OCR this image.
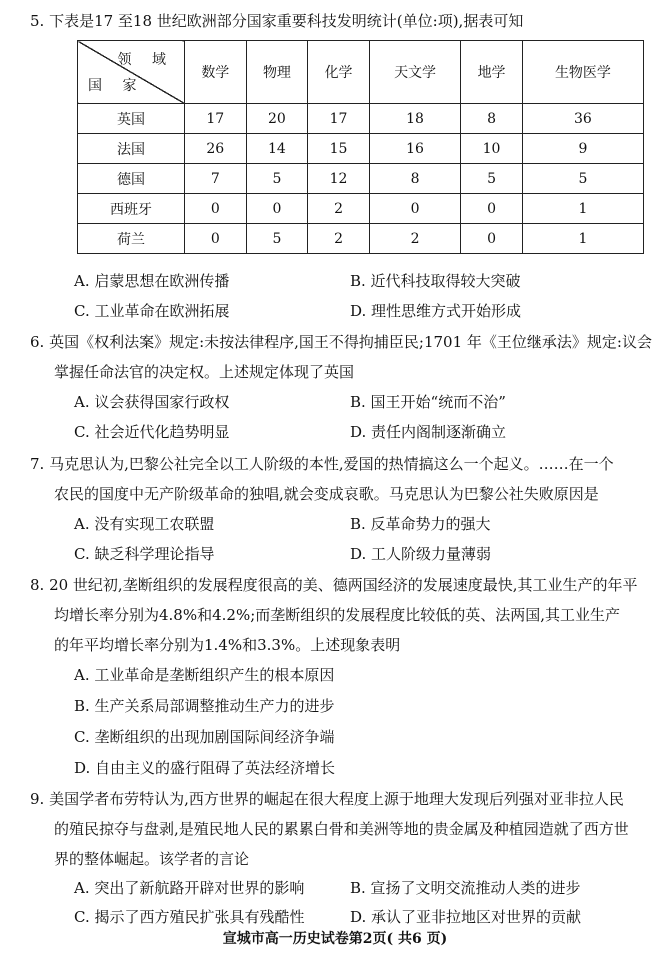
5. 下表是17 至18 世纪欧洲部分国家重要科技发明统计(单位:项),据表可知
领 域
国 家	数学	物理	化学	天文学	地学	生物医学
英国	17	20	17	18	8	36
法国	26	14	15	16	10	9
德国	7	5	12	8	5	5
西班牙	0	0	2	0	0	1
荷兰	0	5	2	2	0	1
A. 启蒙思想在欧洲传播	B. 近代科技取得较大突破
C. 工业革命在欧洲拓展	D. 理性思维方式开始形成
6. 英国《权利法案》规定:未按法律程序,国王不得拘捕臣民;1701 年《王位继承法》规定:议会
掌握任命法官的决定权。上述规定体现了英国
A. 议会获得国家行政权	B. 国王开始“统而不治”
C. 社会近代化趋势明显	D. 责任内阁制逐渐确立
7. 马克思认为,巴黎公社完全以工人阶级的本性,爱国的热情搞这么一个起义。……在一个
农民的国度中无产阶级革命的独唱,就会变成哀歌。马克思认为巴黎公社失败原因是
A. 没有实现工农联盟	B. 反革命势力的强大
C. 缺乏科学理论指导	D. 工人阶级力量薄弱
8. 20 世纪初,垄断组织的发展程度很高的美、德两国经济的发展速度最快,其工业生产的年平
均增长率分别为4.8%和4.2%;而垄断组织的发展程度比较低的英、法两国,其工业生产
的年平均增长率分别为1.4%和3.3%。上述现象表明
A. 工业革命是垄断组织产生的根本原因
B. 生产关系局部调整推动生产力的进步
C. 垄断组织的出现加剧国际间经济争端
D. 自由主义的盛行阻碍了英法经济增长
9. 美国学者布劳特认为,西方世界的崛起在很大程度上源于地理大发现后列强对亚非拉人民
的殖民掠夺与盘剥,是殖民地人民的累累白骨和美洲等地的贵金属及种植园造就了西方世
界的整体崛起。该学者的言论
A. 突出了新航路开辟对世界的影响	B. 宣扬了文明交流推动人类的进步
C. 揭示了西方殖民扩张具有残酷性	D. 承认了亚非拉地区对世界的贡献
宣城市高一历史试卷第2页( 共6 页)
